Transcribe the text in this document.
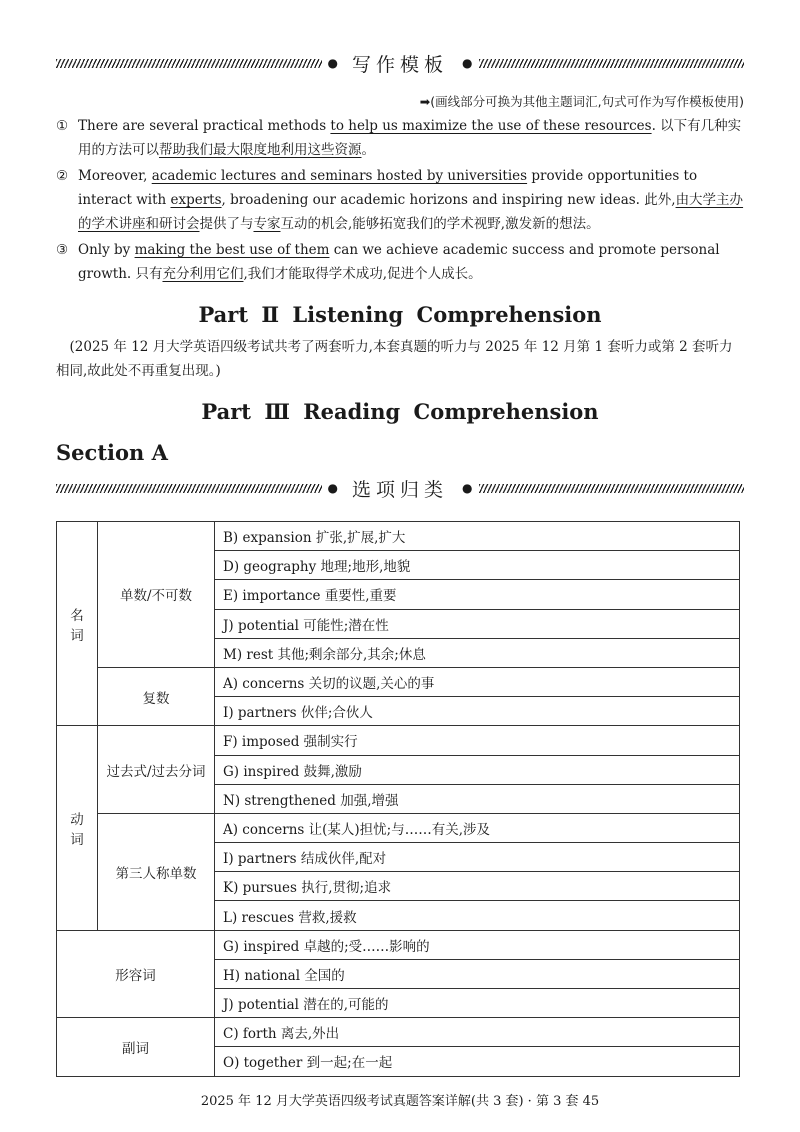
● 写作模板 ●
➡(画线部分可换为其他主题词汇,句式可作为写作模板使用)
① There are several practical methods to help us maximize the use of these resources. 以下有几种实用的方法可以帮助我们最大限度地利用这些资源。
② Moreover, academic lectures and seminars hosted by universities provide opportunities to interact with experts, broadening our academic horizons and inspiring new ideas. 此外,由大学主办的学术讲座和研讨会提供了与专家互动的机会,能够拓宽我们的学术视野,激发新的想法。
③ Only by making the best use of them can we achieve academic success and promote personal growth. 只有充分利用它们,我们才能取得学术成功,促进个人成长。
Part Ⅱ Listening Comprehension
(2025 年 12 月大学英语四级考试共考了两套听力,本套真题的听力与 2025 年 12 月第 1 套听力或第 2 套听力相同,故此处不再重复出现。)
Part Ⅲ Reading Comprehension
Section A
● 选项归类 ●
名词	单数/不可数	B) expansion 扩张,扩展,扩大
		D) geography 地理;地形,地貌
		E) importance 重要性,重要
		J) potential 可能性;潜在性
		M) rest 其他;剩余部分,其余;休息
	复数	A) concerns 关切的议题,关心的事
		I) partners 伙伴;合伙人
动词	过去式/过去分词	F) imposed 强制实行
		G) inspired 鼓舞,激励
		N) strengthened 加强,增强
	第三人称单数	A) concerns 让(某人)担忧;与……有关,涉及
		I) partners 结成伙伴,配对
		K) pursues 执行,贯彻;追求
		L) rescues 营救,援救
形容词		G) inspired 卓越的;受……影响的
		H) national 全国的
		J) potential 潜在的,可能的
副词		C) forth 离去,外出
		O) together 到一起;在一起
2025 年 12 月大学英语四级考试真题答案详解(共 3 套) · 第 3 套 45
